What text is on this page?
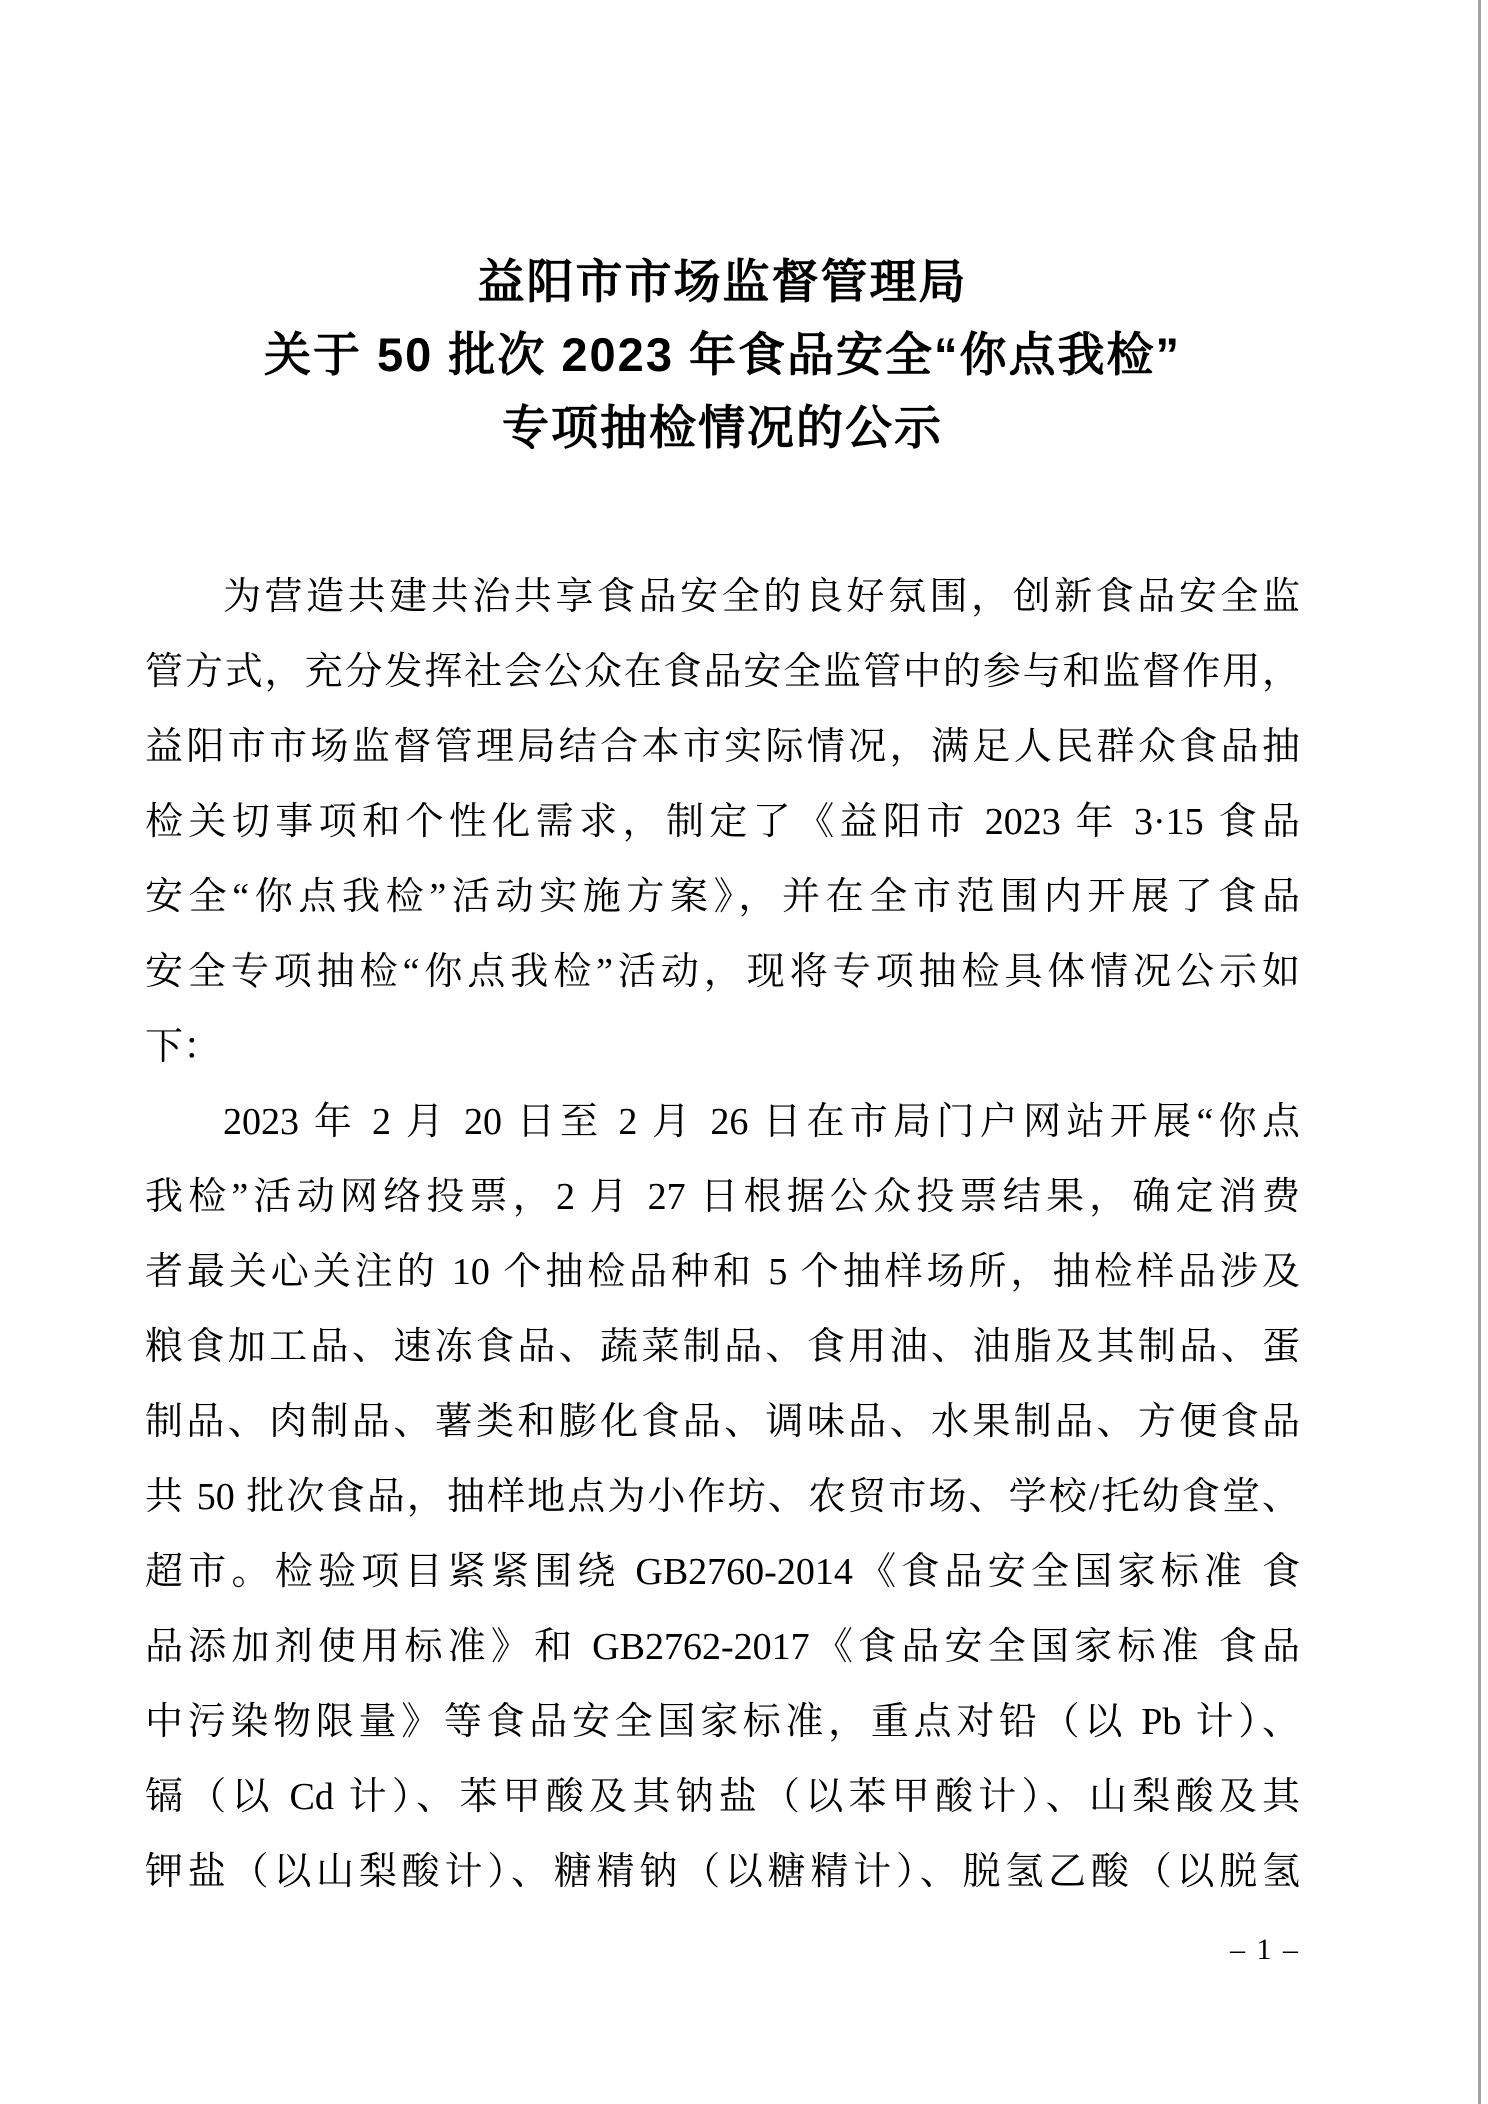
益阳市市场监督管理局
关于 50 批次 2023 年食品安全“你点我检”
专项抽检情况的公示
为营造共建共治共享食品安全的良好氛围，创新食品安全监
管方式，充分发挥社会公众在食品安全监管中的参与和监督作用，
益阳市市场监督管理局结合本市实际情况，满足人民群众食品抽
检关切事项和个性化需求，制定了《益阳市 2023 年 3·15 食品
安全“你点我检”活动实施方案》，并在全市范围内开展了食品
安全专项抽检“你点我检”活动，现将专项抽检具体情况公示如
下：
2023 年 2 月 20 日至 2 月 26 日在市局门户网站开展“你点
我检”活动网络投票，2 月 27 日根据公众投票结果，确定消费
者最关心关注的 10 个抽检品种和 5 个抽样场所，抽检样品涉及
粮食加工品、速冻食品、蔬菜制品、食用油、油脂及其制品、蛋
制品、肉制品、薯类和膨化食品、调味品、水果制品、方便食品
共 50 批次食品，抽样地点为小作坊、农贸市场、学校/托幼食堂、
超市。检验项目紧紧围绕 GB2760-2014《食品安全国家标准 食
品添加剂使用标准》和 GB2762-2017《食品安全国家标准 食品
中污染物限量》等食品安全国家标准，重点对铅（以 Pb 计）、
镉（以 Cd 计）、苯甲酸及其钠盐（以苯甲酸计）、山梨酸及其
钾盐（以山梨酸计）、糖精钠（以糖精计）、脱氢乙酸（以脱氢
– 1 –
